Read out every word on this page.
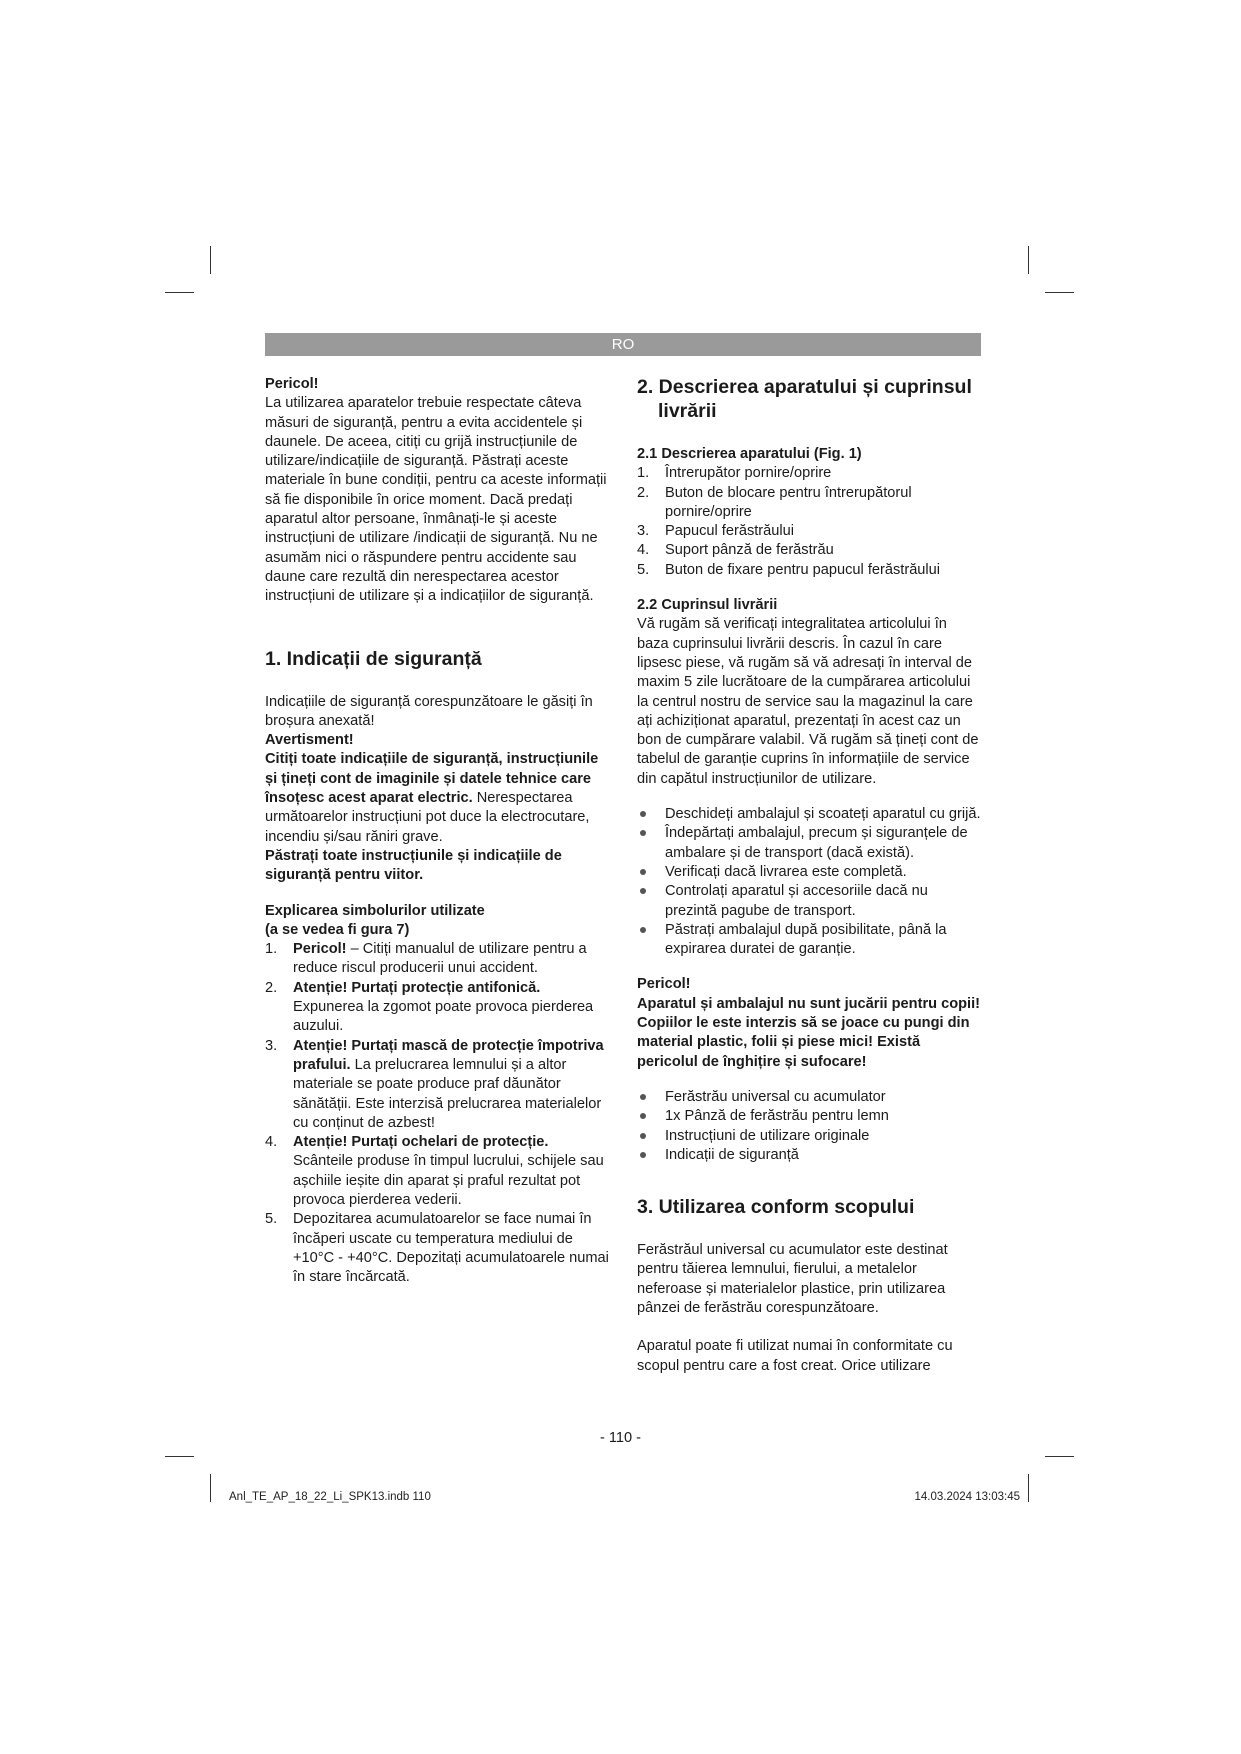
RO

Pericol!

La utilizarea aparatelor trebuie respectate câteva măsuri de siguranță, pentru a evita accidentele și daunele. De aceea, citiți cu grijă instrucțiunile de utilizare/indicațiile de siguranță. Păstrați aceste materiale în bune condiții, pentru ca aceste informații să fie disponibile în orice moment. Dacă predați aparatul altor persoane, înmânați-le și aceste instrucțiuni de utilizare /indicații de siguranță. Nu ne asumăm nici o răspundere pentru accidente sau daune care rezultă din nerespectarea acestor instrucțiuni de utilizare și a indicațiilor de siguranță.

1. Indicații de siguranță

Indicațiile de siguranță corespunzătoare le găsiți în broșura anexată!

Avertisment!

Citiți toate indicațiile de siguranță, instrucțiunile și țineți cont de imaginile și datele tehnice care însoțesc acest aparat electric. Nerespectarea următoarelor instrucțiuni pot duce la electrocutare, incendiu și/sau răniri grave.

Păstrați toate instrucțiunile și indicațiile de siguranță pentru viitor.

Explicarea simbolurilor utilizate

(a se vedea fi gura 7)

1. Pericol! – Citiți manualul de utilizare pentru a reduce riscul producerii unui accident.
2. Atenție! Purtați protecție antifonică. Expunerea la zgomot poate provoca pierderea auzului.
3. Atenție! Purtați mască de protecție împotriva prafului. La prelucrarea lemnului și a altor materiale se poate produce praf dăunător sănătății. Este interzisă prelucrarea materialelor cu conținut de azbest!
4. Atenție! Purtați ochelari de protecție. Scânteile produse în timpul lucrului, schijele sau așchiile ieșite din aparat și praful rezultat pot provoca pierderea vederii.
5. Depozitarea acumulatoarelor se face numai în încăperi uscate cu temperatura mediului de +10°C - +40°C. Depozitați acumulatoarele numai în stare încărcată.
2. Descrierea aparatului și cuprinsul livrării

2.1 Descrierea aparatului (Fig. 1)

1. Întrerupător pornire/oprire
2. Buton de blocare pentru întrerupătorul pornire/oprire
3. Papucul ferăstrăului
4. Suport pânză de ferăstrău
5. Buton de fixare pentru papucul ferăstrăului

2.2 Cuprinsul livrării

Vă rugăm să verificați integralitatea articolului în baza cuprinsului livrării descris. În cazul în care lipsesc piese, vă rugăm să vă adresați în interval de maxim 5 zile lucrătoare de la cumpărarea articolului la centrul nostru de service sau la magazinul la care ați achiziționat aparatul, prezentați în acest caz un bon de cumpărare valabil. Vă rugăm să țineți cont de tabelul de garanție cuprins în informațiile de service din capătul instrucțiunilor de utilizare.

Deschideți ambalajul și scoateți aparatul cu grijă.
Îndepărtați ambalajul, precum și siguranțele de ambalare și de transport (dacă există).
Verificați dacă livrarea este completă.
Controlați aparatul și accesoriile dacă nu prezintă pagube de transport.
Păstrați ambalajul după posibilitate, până la expirarea duratei de garanție.

Pericol!

Aparatul și ambalajul nu sunt jucării pentru copii! Copiilor le este interzis să se joace cu pungi din material plastic, folii și piese mici! Există pericolul de înghițire și sufocare!

Ferăstrău universal cu acumulator
1x Pânză de ferăstrău pentru lemn
Instrucțiuni de utilizare originale
Indicații de siguranță
3. Utilizarea conform scopului

Ferăstrăul universal cu acumulator este destinat pentru tăierea lemnului, fierului, a metalelor neferoase și materialelor plastice, prin utilizarea pânzei de ferăstrău corespunzătoare.

Aparatul poate fi utilizat numai în conformitate cu scopul pentru care a fost creat. Orice utilizare

- 110 -
Anl_TE_AP_18_22_Li_SPK13.indb 110	14.03.2024 13:03:45
